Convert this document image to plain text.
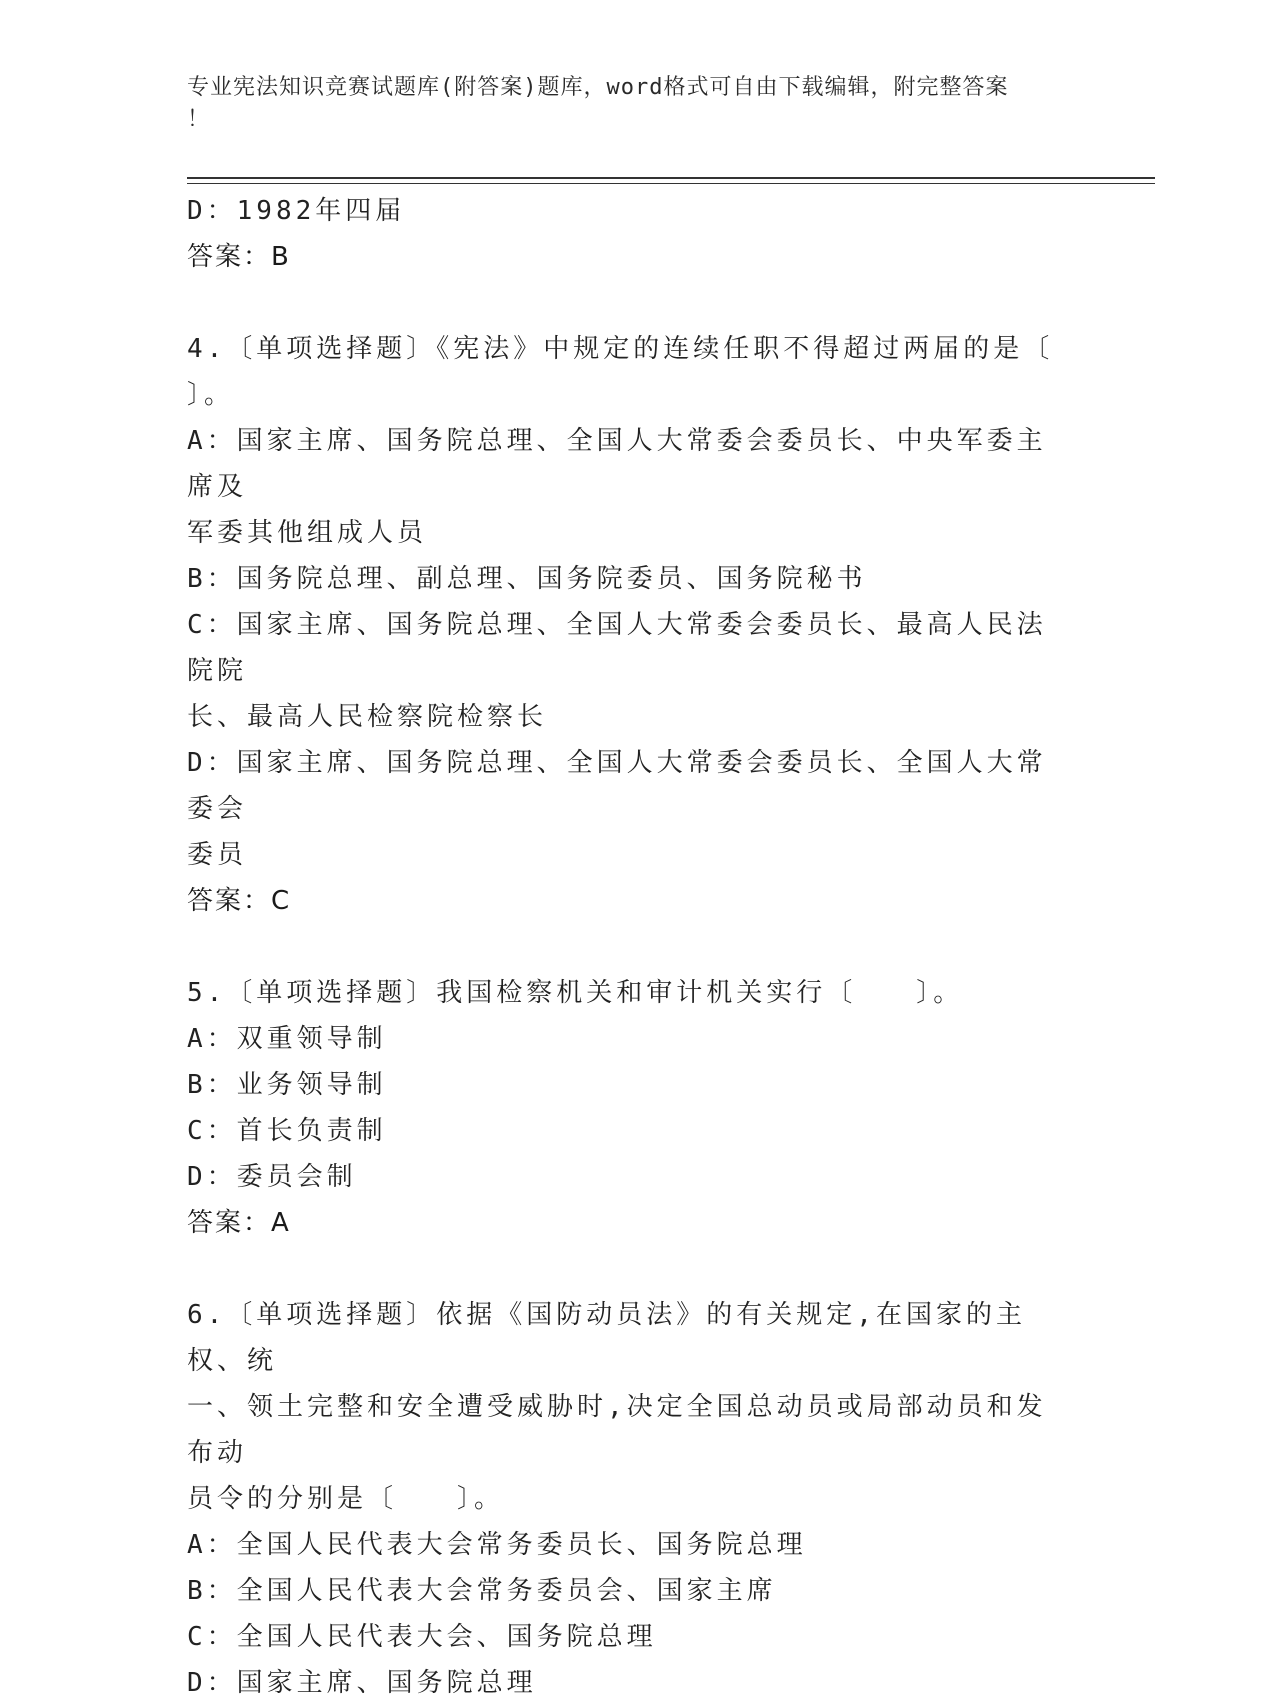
专业宪法知识竞赛试题库(附答案)题库，word格式可自由下载编辑，附完整答案
！
D：1982年四届
答案：B
4.〔单项选择题〕《宪法》中规定的连续任职不得超过两届的是〔
〕。
A：国家主席、国务院总理、全国人大常委会委员长、中央军委主席及
军委其他组成人员
B：国务院总理、副总理、国务院委员、国务院秘书
C：国家主席、国务院总理、全国人大常委会委员长、最高人民法院院
长、最高人民检察院检察长
D：国家主席、国务院总理、全国人大常委会委员长、全国人大常委会
委员
答案：C
5.〔单项选择题〕我国检察机关和审计机关实行〔　　〕。
A：双重领导制
B：业务领导制
C：首长负责制
D：委员会制
答案：A
6.〔单项选择题〕依据《国防动员法》的有关规定,在国家的主权、统
一、领土完整和安全遭受威胁时,决定全国总动员或局部动员和发布动
员令的分别是〔　　〕。
A：全国人民代表大会常务委员长、国务院总理
B：全国人民代表大会常务委员会、国家主席
C：全国人民代表大会、国务院总理
D：国家主席、国务院总理
